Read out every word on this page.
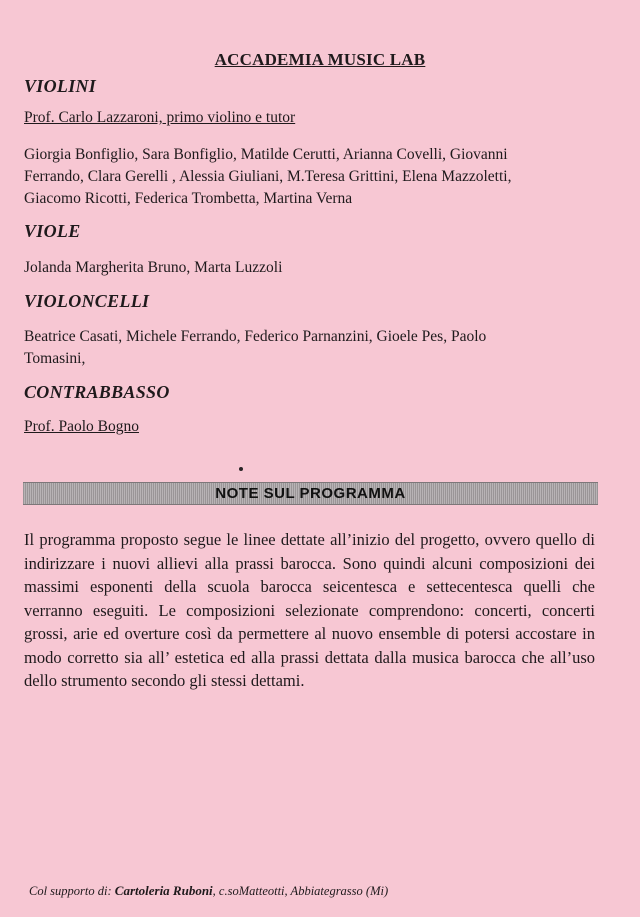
ACCADEMIA MUSIC LAB
VIOLINI
Prof. Carlo Lazzaroni, primo violino e tutor
Giorgia Bonfiglio, Sara Bonfiglio, Matilde Cerutti, Arianna Covelli, Giovanni
Ferrando, Clara Gerelli , Alessia Giuliani, M.Teresa Grittini, Elena Mazzoletti,
Giacomo Ricotti, Federica Trombetta, Martina Verna
VIOLE
Jolanda Margherita Bruno, Marta Luzzoli
VIOLONCELLI
Beatrice Casati, Michele Ferrando, Federico Parnanzini, Gioele Pes, Paolo
Tomasini,
CONTRABBASSO
Prof. Paolo Bogno
NOTE SUL PROGRAMMA
Il programma proposto segue le linee dettate all’inizio del progetto, ovvero quello di indirizzare i nuovi allievi alla prassi barocca. Sono quindi alcuni composizioni dei massimi esponenti della scuola barocca seicentesca e settecentesca quelli che verranno eseguiti. Le composizioni selezionate comprendono: concerti, concerti grossi, arie ed overture così da permettere al nuovo ensemble di potersi accostare in modo corretto sia all’ estetica ed alla prassi dettata dalla musica barocca che all’uso dello strumento secondo gli stessi dettami.
Col supporto di: Cartoleria Ruboni, c.soMatteotti, Abbiategrasso (Mi)
